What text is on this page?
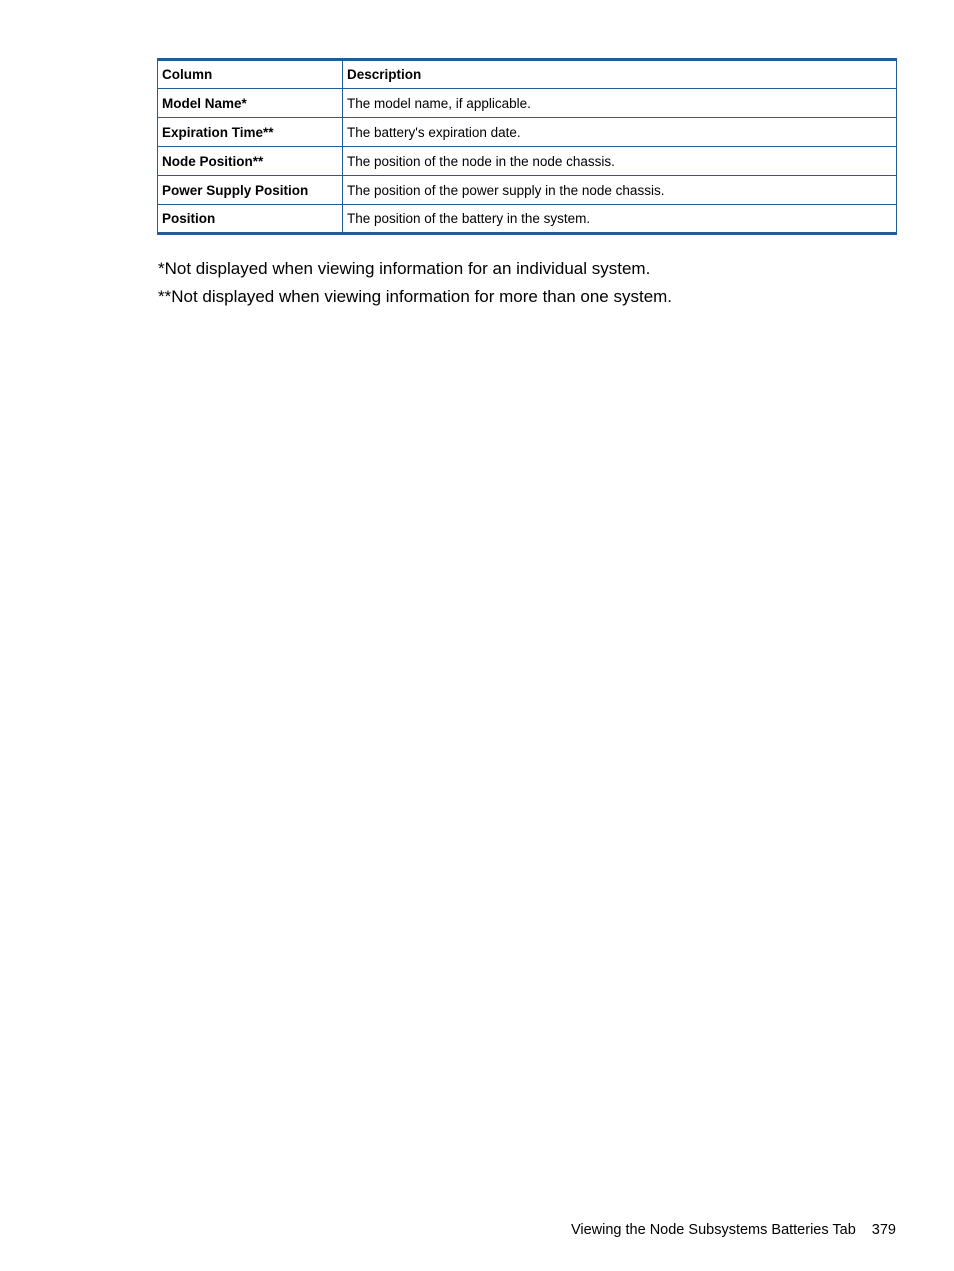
Column	Description
Model Name*	The model name, if applicable.
Expiration Time**	The battery's expiration date.
Node Position**	The position of the node in the node chassis.
Power Supply Position	The position of the power supply in the node chassis.
Position	The position of the battery in the system.
*Not displayed when viewing information for an individual system.
**Not displayed when viewing information for more than one system.
Viewing the Node Subsystems Batteries Tab 379
